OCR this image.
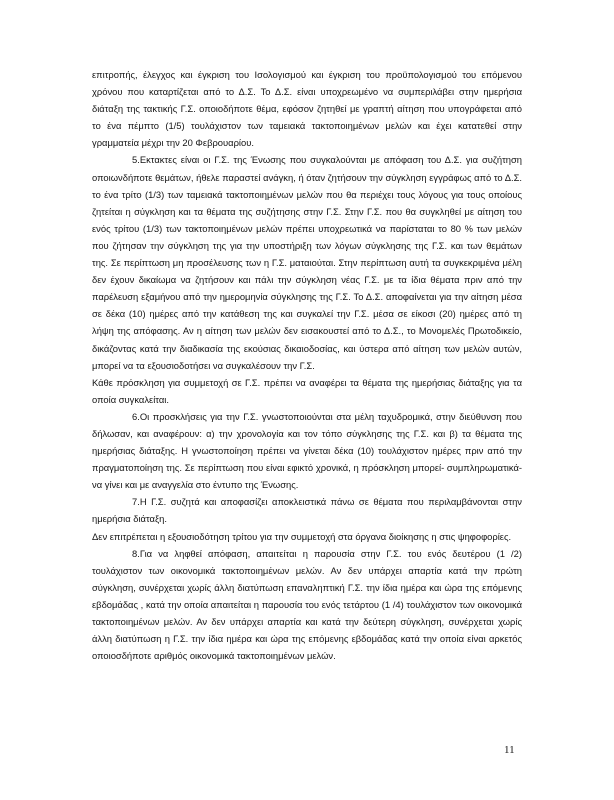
επιτροπής, έλεγχος και έγκριση του Ισολογισμού και έγκριση του προϋπολογισμού του επόμενου χρόνου που καταρτίζεται από το Δ.Σ. Το Δ.Σ. είναι υποχρεωμένο να συμπεριλάβει στην ημερήσια διάταξη της τακτικής Γ.Σ. οποιοδήποτε θέμα, εφόσον ζητηθεί με γραπτή αίτηση που υπογράφεται από το ένα πέμπτο (1/5) τουλάχιστον των ταμειακά τακτοποιημένων μελών και έχει κατατεθεί στην γραμματεία μέχρι την 20 Φεβρουαρίου.

5.Εκτακτες είναι οι Γ.Σ. της Ένωσης που συγκαλούνται με απόφαση του Δ.Σ. για συζήτηση οποιωνδήποτε θεμάτων, ήθελε παραστεί ανάγκη, ή όταν ζητήσουν την σύγκληση εγγράφως από το Δ.Σ. το ένα τρίτο (1/3) των ταμειακά τακτοποιημένων μελών που θα περιέχει τους λόγους για τους οποίους ζητείται η σύγκληση και τα θέματα της συζήτησης στην Γ.Σ. Στην Γ.Σ. που θα συγκληθεί με αίτηση του ενός τρίτου (1/3) των τακτοποιημένων μελών πρέπει υποχρεωτικά να παρίσταται το 80 % των μελών που ζήτησαν την σύγκληση της για την υποστήριξη των λόγων σύγκλησης της Γ.Σ. και των θεμάτων της. Σε περίπτωση μη προσέλευσης των η Γ.Σ. ματαιούται. Στην περίπτωση αυτή τα συγκεκριμένα μέλη δεν έχουν δικαίωμα να ζητήσουν και πάλι την σύγκληση νέας Γ.Σ. με τα ίδια θέματα πριν από την παρέλευση εξαμήνου από την ημερομηνία σύγκλησης της Γ.Σ. Το Δ.Σ. αποφαίνεται για την αίτηση μέσα σε δέκα (10) ημέρες από την κατάθεση της και συγκαλεί την Γ.Σ. μέσα σε είκοσι (20) ημέρες από τη λήψη της απόφασης. Αν η αίτηση των μελών δεν εισακουστεί από το Δ.Σ., το Μονομελές Πρωτοδικείο, δικάζοντας κατά την διαδικασία της εκούσιας δικαιοδοσίας, και ύστερα από αίτηση των μελών αυτών, μπορεί να τα εξουσιοδοτήσει να συγκαλέσουν την Γ.Σ.

Κάθε πρόσκληση για συμμετοχή σε Γ.Σ. πρέπει να αναφέρει τα θέματα της ημερήσιας διάταξης για τα οποία συγκαλείται.

6.Οι προσκλήσεις για την Γ.Σ. γνωστοποιούνται στα μέλη ταχυδρομικά, στην διεύθυνση που δήλωσαν, και αναφέρουν: α) την χρονολογία και τον τόπο σύγκλησης της Γ.Σ. και β) τα θέματα της ημερήσιας διάταξης. Η γνωστοποίηση πρέπει να γίνεται δέκα (10) τουλάχιστον ημέρες πριν από την πραγματοποίηση της. Σε περίπτωση που είναι εφικτό χρονικά, η πρόσκληση μπορεί- συμπληρωματικά- να γίνει και με αναγγελία στο έντυπο της Ένωσης.

7.Η Γ.Σ. συζητά και αποφασίζει αποκλειστικά πάνω σε θέματα που περιλαμβάνονται στην ημερήσια διάταξη.

Δεν επιτρέπεται η εξουσιοδότηση τρίτου για την συμμετοχή στα όργανα διοίκησης η στις ψηφοφορίες.

8.Για να ληφθεί απόφαση, απαιτείται η παρουσία στην Γ.Σ. του ενός δευτέρου (1 /2) τουλάχιστον των οικονομικά τακτοποιημένων μελών. Αν δεν υπάρχει απαρτία κατά την πρώτη σύγκληση, συνέρχεται χωρίς άλλη διατύπωση επαναληπτική Γ.Σ. την ίδια ημέρα και ώρα της επόμενης εβδομάδας , κατά την οποία απαιτείται η παρουσία του ενός τετάρτου (1 /4) τουλάχιστον των οικονομικά τακτοποιημένων μελών. Αν δεν υπάρχει απαρτία και κατά την δεύτερη σύγκληση, συνέρχεται χωρίς άλλη διατύπωση η Γ.Σ. την ίδια ημέρα και ώρα της επόμενης εβδομάδας κατά την οποία είναι αρκετός οποιοσδήποτε αριθμός οικονομικά τακτοποιημένων μελών.

11
